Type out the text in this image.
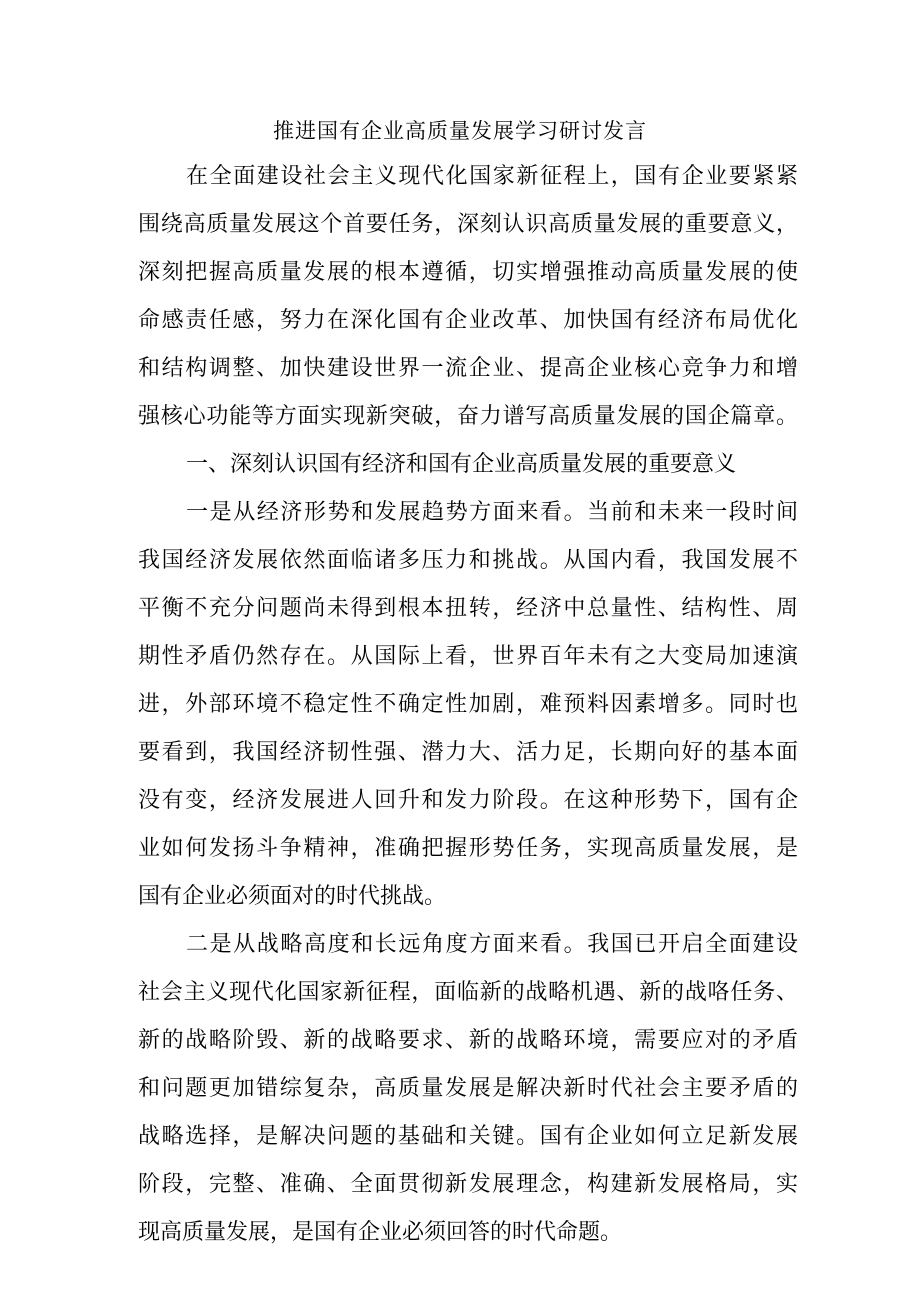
推进国有企业高质量发展学习研讨发言
在全面建设社会主义现代化国家新征程上，国有企业要紧紧
围绕高质量发展这个首要任务，深刻认识高质量发展的重要意义，
深刻把握高质量发展的根本遵循，切实增强推动高质量发展的使
命感责任感，努力在深化国有企业改革、加快国有经济布局优化
和结构调整、加快建设世界一流企业、提高企业核心竞争力和增
强核心功能等方面实现新突破，奋力谱写高质量发展的国企篇章。
一、深刻认识国有经济和国有企业高质量发展的重要意义
一是从经济形势和发展趋势方面来看。当前和未来一段时间
我国经济发展依然面临诸多压力和挑战。从国内看，我国发展不
平衡不充分问题尚未得到根本扭转，经济中总量性、结构性、周
期性矛盾仍然存在。从国际上看，世界百年未有之大变局加速演
进，外部环境不稳定性不确定性加剧，难预料因素增多。同时也
要看到，我国经济韧性强、潜力大、活力足，长期向好的基本面
没有变，经济发展进人回升和发力阶段。在这种形势下，国有企
业如何发扬斗争精神，准确把握形势任务，实现高质量发展，是
国有企业必须面对的时代挑战。
二是从战略高度和长远角度方面来看。我国已开启全面建设
社会主义现代化国家新征程，面临新的战略机遇、新的战咯任务、
新的战略阶毁、新的战略要求、新的战略环境，需要应对的矛盾
和问题更加错综复杂，高质量发展是解决新时代社会主要矛盾的
战略选择，是解决问题的基础和关键。国有企业如何立足新发展
阶段，完整、准确、全面贯彻新发展理念，构建新发展格局，实
现高质量发展，是国有企业必须回答的时代命题。
